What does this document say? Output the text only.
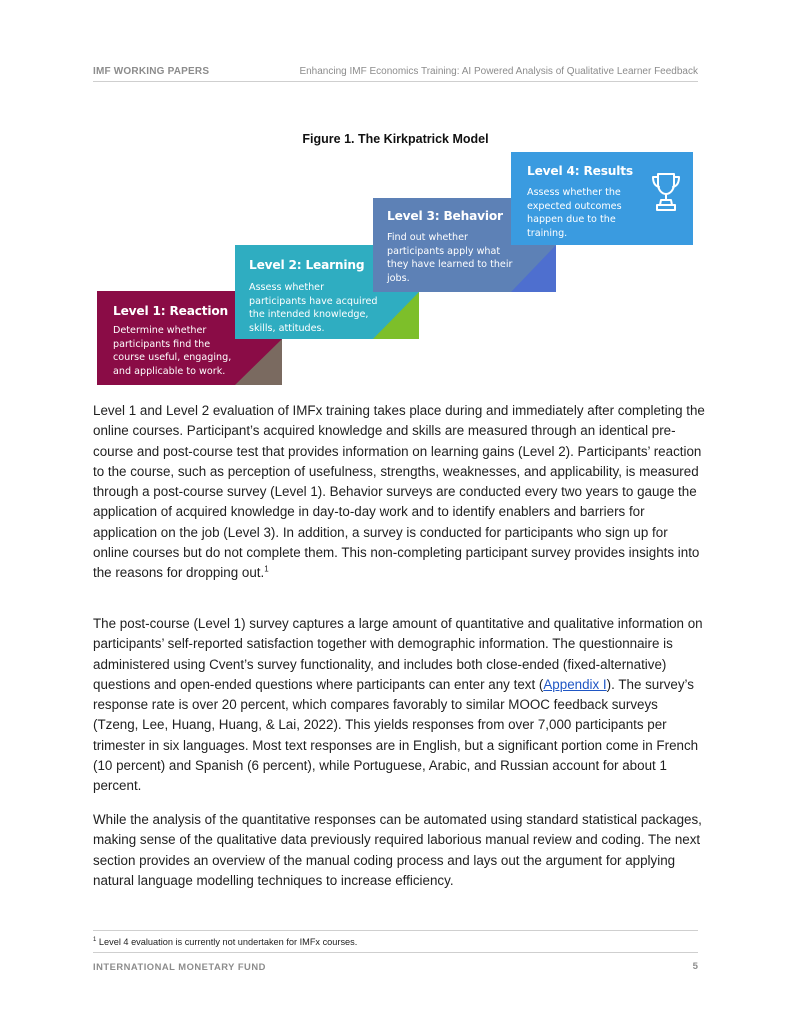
IMF WORKING PAPERS	Enhancing IMF Economics Training: AI Powered Analysis of Qualitative Learner Feedback
Figure 1. The Kirkpatrick Model
Level 1: Reaction
Determine whether
participants find the
course useful, engaging,
and applicable to work.
Level 2: Learning
Assess whether
participants have acquired
the intended knowledge,
skills, attitudes.
Level 3: Behavior
Find out whether
participants apply what
they have learned to their
jobs.
Level 4: Results
Assess whether the
expected outcomes
happen due to the
training.
Level 1 and Level 2 evaluation of IMFx training takes place during and immediately after completing the online courses. Participant’s acquired knowledge and skills are measured through an identical pre-course and post-course test that provides information on learning gains (Level 2). Participants’ reaction to the course, such as perception of usefulness, strengths, weaknesses, and applicability, is measured through a post-course survey (Level 1). Behavior surveys are conducted every two years to gauge the application of acquired knowledge in day-to-day work and to identify enablers and barriers for application on the job (Level 3). In addition, a survey is conducted for participants who sign up for online courses but do not complete them. This non-completing participant survey provides insights into the reasons for dropping out.$^1$
The post-course (Level 1) survey captures a large amount of quantitative and qualitative information on participants’ self-reported satisfaction together with demographic information. The questionnaire is administered using Cvent’s survey functionality, and includes both close-ended (fixed-alternative) questions and open-ended questions where participants can enter any text (Appendix I). The survey’s response rate is over 20 percent, which compares favorably to similar MOOC feedback surveys (Tzeng, Lee, Huang, Huang, & Lai, 2022). This yields responses from over 7,000 participants per trimester in six languages. Most text responses are in English, but a significant portion come in French (10 percent) and Spanish (6 percent), while Portuguese, Arabic, and Russian account for about 1 percent.
While the analysis of the quantitative responses can be automated using standard statistical packages, making sense of the qualitative data previously required laborious manual review and coding. The next section provides an overview of the manual coding process and lays out the argument for applying natural language modelling techniques to increase efficiency.
$^1$ Level 4 evaluation is currently not undertaken for IMFx courses.
INTERNATIONAL MONETARY FUND	5
